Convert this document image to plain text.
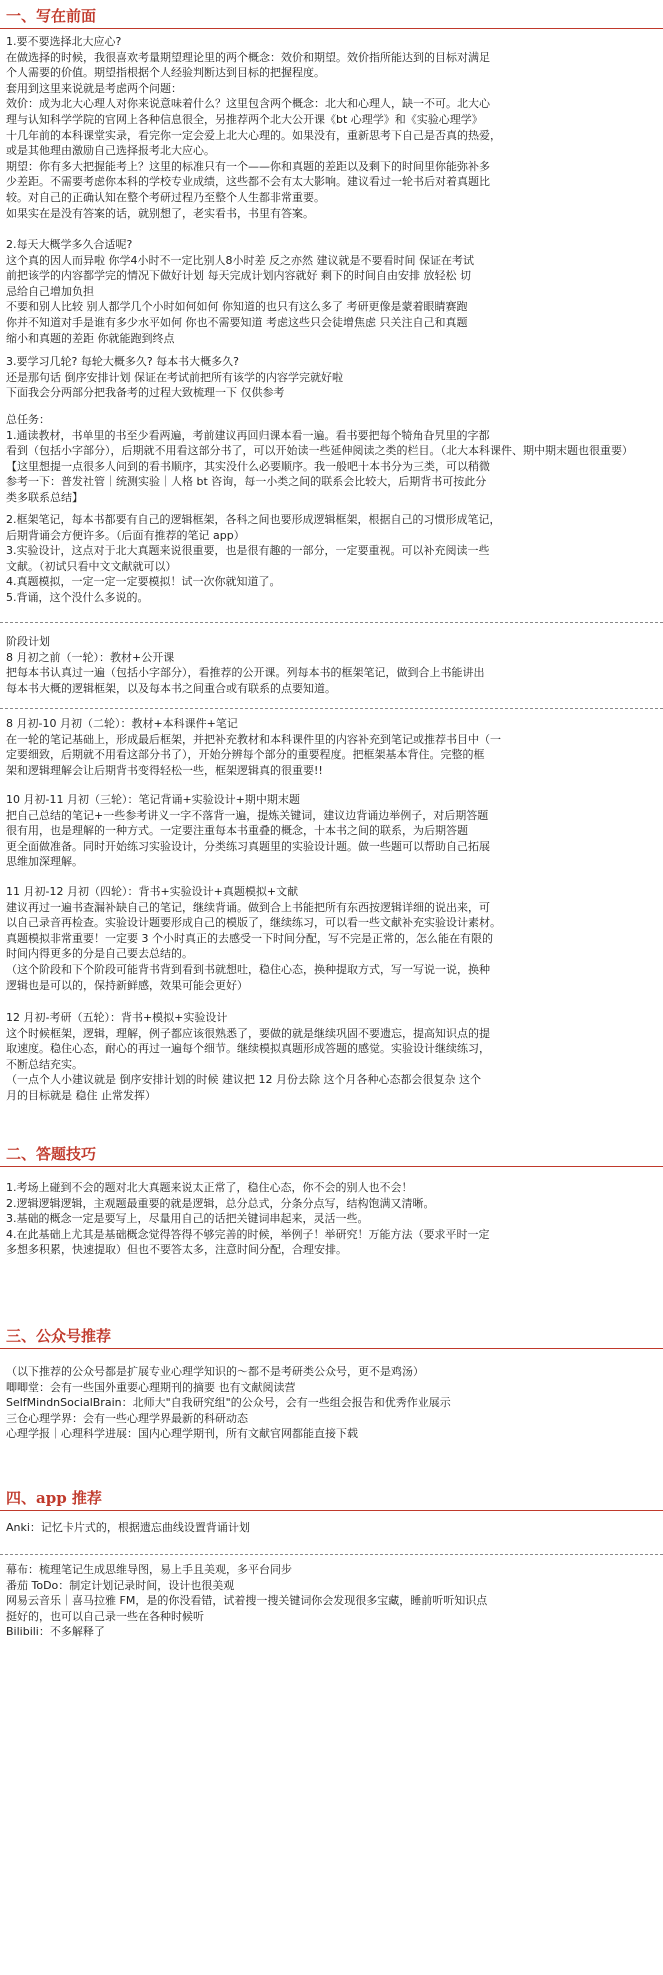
一、写在前面

1.要不要选择北大应心?

在做选择的时候，我很喜欢考量期望理论里的两个概念：效价和期望。效价指所能达到的目标对满足

个人需要的价值。期望指根据个人经验判断达到目标的把握程度。

套用到这里来说就是考虑两个问题：

效价：成为北大心理人对你来说意味着什么？这里包含两个概念：北大和心理人，缺一不可。北大心

理与认知科学学院的官网上各种信息很全，另推荐两个北大公开课《bt 心理学》和《实验心理学》

十几年前的本科课堂实录，看完你一定会爱上北大心理的。如果没有，重新思考下自己是否真的热爱，

或是其他理由激励自己选择报考北大应心。

期望：你有多大把握能考上？这里的标准只有一个——你和真题的差距以及剩下的时间里你能弥补多

少差距。不需要考虑你本科的学校专业成绩，这些都不会有太大影响。建议看过一轮书后对着真题比

较。对自己的正确认知在整个考研过程乃至整个人生都非常重要。

如果实在是没有答案的话，就别想了，老实看书，书里有答案。

2.每天大概学多久合适呢?

这个真的因人而异啦 你学4小时不一定比别人8小时差 反之亦然 建议就是不要看时间 保证在考试

前把该学的内容都学完的情况下做好计划 每天完成计划内容就好 剩下的时间自由安排 放轻松 切

忌给自己增加负担

不要和别人比较 别人都学几个小时如何如何 你知道的也只有这么多了 考研更像是蒙着眼睛赛跑

你并不知道对手是谁有多少水平如何 你也不需要知道 考虑这些只会徒增焦虑 只关注自己和真题

缩小和真题的差距 你就能跑到终点

3.要学习几轮? 每轮大概多久? 每本书大概多久?

还是那句话 倒序安排计划 保证在考试前把所有该学的内容学完就好啦

下面我会分两部分把我备考的过程大致梳理一下 仅供参考

总任务：

1.通读教材，书单里的书至少看两遍，考前建议再回归课本看一遍。看书要把每个犄角旮旯里的字都

看到（包括小字部分），后期就不用看这部分书了，可以开始读一些延伸阅读之类的栏目。（北大本科课件、期中期末题也很重要）

【这里想提一点很多人问到的看书顺序，其实没什么必要顺序。我一般吧十本书分为三类，可以稍微

参考一下：普发社管｜统测实验｜人格 bt 咨询，每一小类之间的联系会比较大，后期背书可按此分

类多联系总结】

2.框架笔记，每本书都要有自己的逻辑框架，各科之间也要形成逻辑框架，根据自己的习惯形成笔记，

后期背诵会方便许多。（后面有推荐的笔记 app）

3.实验设计，这点对于北大真题来说很重要，也是很有趣的一部分，一定要重视。可以补充阅读一些

文献。（初试只看中文文献就可以）

4.真题模拟，一定一定一定要模拟！试一次你就知道了。

5.背诵，这个没什么多说的。

阶段计划

8 月初之前（一轮）：教材+公开课

把每本书认真过一遍（包括小字部分），看推荐的公开课。列每本书的框架笔记，做到合上书能讲出

每本书大概的逻辑框架，以及每本书之间重合或有联系的点要知道。

8 月初-10 月初（二轮）：教材+本科课件+笔记

在一轮的笔记基础上，形成最后框架，并把补充教材和本科课件里的内容补充到笔记或推荐书目中（一

定要细致，后期就不用看这部分书了），开始分辨每个部分的重要程度。把框架基本背住。完整的框

架和逻辑理解会让后期背书变得轻松一些，框架逻辑真的很重要!!

10 月初-11 月初（三轮）：笔记背诵+实验设计+期中期末题

把自己总结的笔记+一些参考讲义一字不落背一遍，提炼关键词，建议边背诵边举例子，对后期答题

很有用，也是理解的一种方式。一定要注重每本书重叠的概念，十本书之间的联系，为后期答题

更全面做准备。同时开始练习实验设计，分类练习真题里的实验设计题。做一些题可以帮助自己拓展

思维加深理解。

11 月初-12 月初（四轮）：背书+实验设计+真题模拟+文献

建议再过一遍书查漏补缺自己的笔记，继续背诵。做到合上书能把所有东西按逻辑详细的说出来，可

以自己录音再检查。实验设计题要形成自己的模版了，继续练习，可以看一些文献补充实验设计素材。

真题模拟非常重要！一定要 3 个小时真正的去感受一下时间分配，写不完是正常的，怎么能在有限的

时间内得更多的分是自己要去总结的。

（这个阶段和下个阶段可能背书背到看到书就想吐，稳住心态，换种提取方式，写一写说一说，换种

逻辑也是可以的，保持新鲜感，效果可能会更好）

12 月初-考研（五轮）：背书+模拟+实验设计

这个时候框架，逻辑，理解，例子都应该很熟悉了，要做的就是继续巩固不要遗忘，提高知识点的提

取速度。稳住心态，耐心的再过一遍每个细节。继续模拟真题形成答题的感觉。实验设计继续练习，

不断总结充实。

（一点个人小建议就是 倒序安排计划的时候 建议把 12 月份去除 这个月各种心态都会很复杂 这个

月的目标就是 稳住 止常发挥）

二、答题技巧

1.考场上碰到不会的题对北大真题来说太正常了，稳住心态，你不会的别人也不会！

2.逻辑逻辑逻辑，主观题最重要的就是逻辑，总分总式，分条分点写，结构饱满又清晰。

3.基础的概念一定是要写上，尽量用自己的话把关键词串起来，灵活一些。

4.在此基础上尤其是基础概念觉得答得不够完善的时候，举例子！举研究！万能方法（要求平时一定

多想多积累，快速提取）但也不要答太多，注意时间分配，合理安排。

三、公众号推荐

（以下推荐的公众号都是扩展专业心理学知识的～都不是考研类公众号，更不是鸡汤）

唧唧堂：会有一些国外重要心理期刊的摘要 也有文献阅读营

SelfMindnSocialBrain：北师大"自我研究组"的公众号，会有一些组会报告和优秀作业展示

三仓心理学界：会有一些心理学界最新的科研动态

心理学报｜心理科学进展：国内心理学期刊，所有文献官网都能直接下载

四、app 推荐

Anki：记忆卡片式的，根据遗忘曲线设置背诵计划

幕布：梳理笔记生成思维导图，易上手且美观，多平台同步

番茄 ToDo：制定计划记录时间，设计也很美观

网易云音乐｜喜马拉雅 FM，是的你没看错，试着搜一搜关键词你会发现很多宝藏，睡前听听知识点

挺好的，也可以自己录一些在各种时候听

Bilibili：不多解释了
